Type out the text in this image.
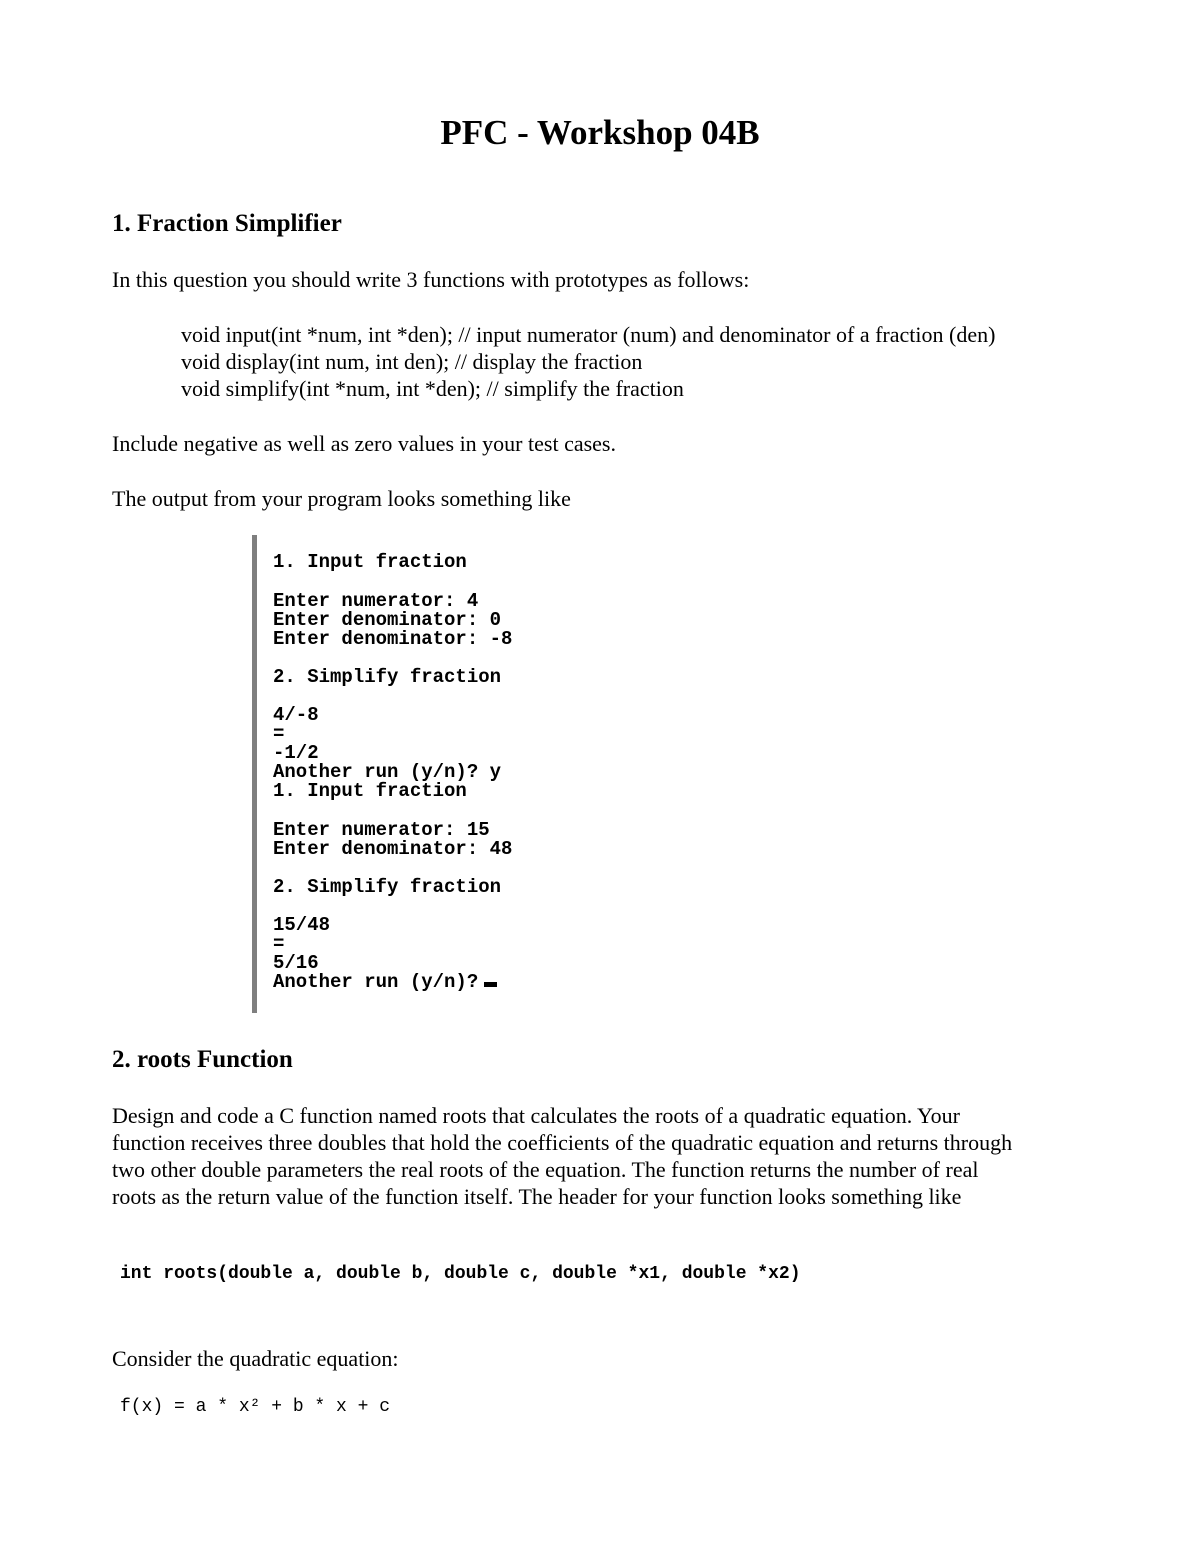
PFC - Workshop 04B
1. Fraction Simplifier

In this question you should write 3 functions with prototypes as follows:

void input(int *num, int *den); // input numerator (num) and denominator of a fraction (den)

void display(int num, int den); // display the fraction

void simplify(int *num, int *den); // simplify the fraction

Include negative as well as zero values in your test cases.

The output from your program looks something like

1. Input fraction
Enter numerator: 4
Enter denominator: 0
Enter denominator: -8
2. Simplify fraction
4/-8
=
-1/2
Another run (y/n)? y
1. Input fraction
Enter numerator: 15
Enter denominator: 48
2. Simplify fraction
15/48
=
5/16
Another run (y/n)?
2. roots Function

Design and code a C function named roots that calculates the roots of a quadratic equation. Your

function receives three doubles that hold the coefficients of the quadratic equation and returns through

two other double parameters the real roots of the equation. The function returns the number of real

roots as the return value of the function itself. The header for your function looks something like

int roots(double a, double b, double c, double *x1, double *x2)

Consider the quadratic equation:

f(x) = a * x² + b * x + c
